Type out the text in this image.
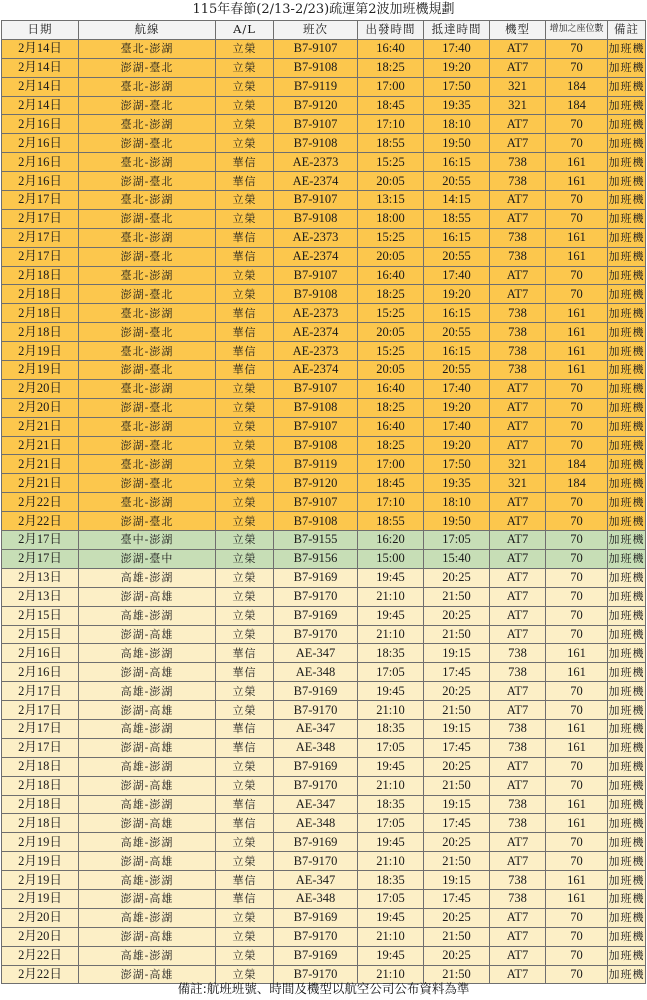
115年春節(2/13-2/23)疏運第2波加班機規劃
日期	航線	A/L	班次	出發時間	抵達時間	機型	增加之座位數	備註
2月14日	臺北-澎湖	立榮	B7-9107	16:40	17:40	AT7	70	加班機
2月14日	澎湖-臺北	立榮	B7-9108	18:25	19:20	AT7	70	加班機
2月14日	臺北-澎湖	立榮	B7-9119	17:00	17:50	321	184	加班機
2月14日	澎湖-臺北	立榮	B7-9120	18:45	19:35	321	184	加班機
2月16日	臺北-澎湖	立榮	B7-9107	17:10	18:10	AT7	70	加班機
2月16日	澎湖-臺北	立榮	B7-9108	18:55	19:50	AT7	70	加班機
2月16日	臺北-澎湖	華信	AE-2373	15:25	16:15	738	161	加班機
2月16日	澎湖-臺北	華信	AE-2374	20:05	20:55	738	161	加班機
2月17日	臺北-澎湖	立榮	B7-9107	13:15	14:15	AT7	70	加班機
2月17日	澎湖-臺北	立榮	B7-9108	18:00	18:55	AT7	70	加班機
2月17日	臺北-澎湖	華信	AE-2373	15:25	16:15	738	161	加班機
2月17日	澎湖-臺北	華信	AE-2374	20:05	20:55	738	161	加班機
2月18日	臺北-澎湖	立榮	B7-9107	16:40	17:40	AT7	70	加班機
2月18日	澎湖-臺北	立榮	B7-9108	18:25	19:20	AT7	70	加班機
2月18日	臺北-澎湖	華信	AE-2373	15:25	16:15	738	161	加班機
2月18日	澎湖-臺北	華信	AE-2374	20:05	20:55	738	161	加班機
2月19日	臺北-澎湖	華信	AE-2373	15:25	16:15	738	161	加班機
2月19日	澎湖-臺北	華信	AE-2374	20:05	20:55	738	161	加班機
2月20日	臺北-澎湖	立榮	B7-9107	16:40	17:40	AT7	70	加班機
2月20日	澎湖-臺北	立榮	B7-9108	18:25	19:20	AT7	70	加班機
2月21日	臺北-澎湖	立榮	B7-9107	16:40	17:40	AT7	70	加班機
2月21日	澎湖-臺北	立榮	B7-9108	18:25	19:20	AT7	70	加班機
2月21日	臺北-澎湖	立榮	B7-9119	17:00	17:50	321	184	加班機
2月21日	澎湖-臺北	立榮	B7-9120	18:45	19:35	321	184	加班機
2月22日	臺北-澎湖	立榮	B7-9107	17:10	18:10	AT7	70	加班機
2月22日	澎湖-臺北	立榮	B7-9108	18:55	19:50	AT7	70	加班機
2月17日	臺中-澎湖	立榮	B7-9155	16:20	17:05	AT7	70	加班機
2月17日	澎湖-臺中	立榮	B7-9156	15:00	15:40	AT7	70	加班機
2月13日	高雄-澎湖	立榮	B7-9169	19:45	20:25	AT7	70	加班機
2月13日	澎湖-高雄	立榮	B7-9170	21:10	21:50	AT7	70	加班機
2月15日	高雄-澎湖	立榮	B7-9169	19:45	20:25	AT7	70	加班機
2月15日	澎湖-高雄	立榮	B7-9170	21:10	21:50	AT7	70	加班機
2月16日	高雄-澎湖	華信	AE-347	18:35	19:15	738	161	加班機
2月16日	澎湖-高雄	華信	AE-348	17:05	17:45	738	161	加班機
2月17日	高雄-澎湖	立榮	B7-9169	19:45	20:25	AT7	70	加班機
2月17日	澎湖-高雄	立榮	B7-9170	21:10	21:50	AT7	70	加班機
2月17日	高雄-澎湖	華信	AE-347	18:35	19:15	738	161	加班機
2月17日	澎湖-高雄	華信	AE-348	17:05	17:45	738	161	加班機
2月18日	高雄-澎湖	立榮	B7-9169	19:45	20:25	AT7	70	加班機
2月18日	澎湖-高雄	立榮	B7-9170	21:10	21:50	AT7	70	加班機
2月18日	高雄-澎湖	華信	AE-347	18:35	19:15	738	161	加班機
2月18日	澎湖-高雄	華信	AE-348	17:05	17:45	738	161	加班機
2月19日	高雄-澎湖	立榮	B7-9169	19:45	20:25	AT7	70	加班機
2月19日	澎湖-高雄	立榮	B7-9170	21:10	21:50	AT7	70	加班機
2月19日	高雄-澎湖	華信	AE-347	18:35	19:15	738	161	加班機
2月19日	澎湖-高雄	華信	AE-348	17:05	17:45	738	161	加班機
2月20日	高雄-澎湖	立榮	B7-9169	19:45	20:25	AT7	70	加班機
2月20日	澎湖-高雄	立榮	B7-9170	21:10	21:50	AT7	70	加班機
2月22日	高雄-澎湖	立榮	B7-9169	19:45	20:25	AT7	70	加班機
2月22日	澎湖-高雄	立榮	B7-9170	21:10	21:50	AT7	70	加班機
備註:航班班號、時間及機型以航空公司公布資料為準
